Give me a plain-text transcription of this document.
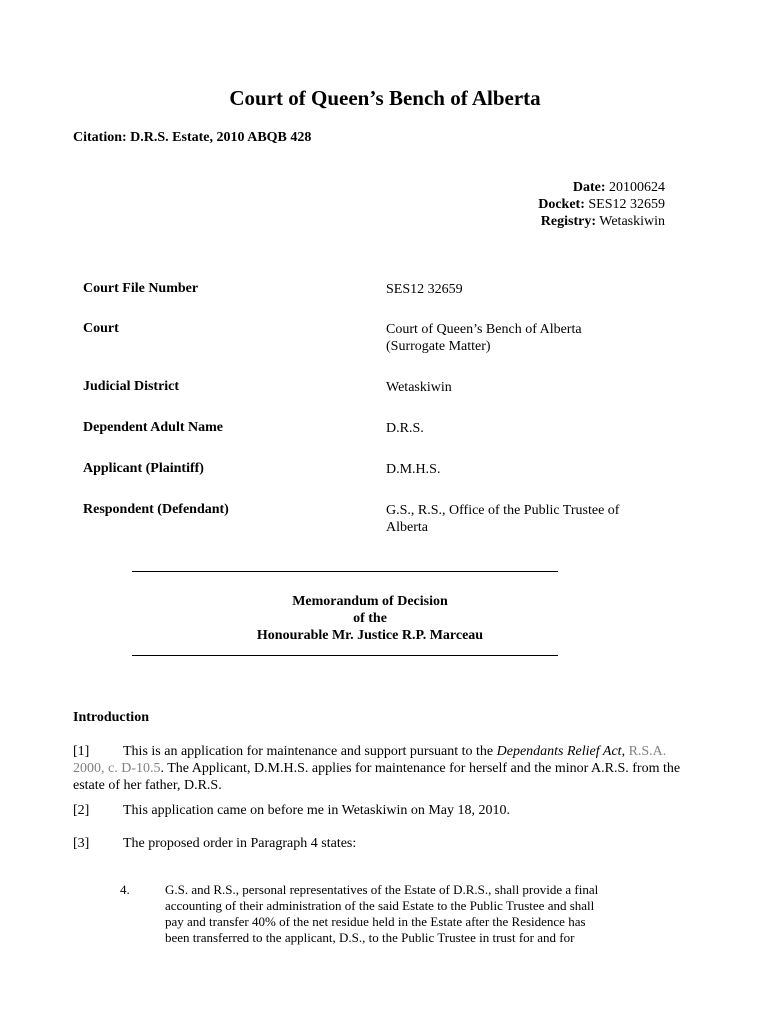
Court of Queen’s Bench of Alberta
Citation: D.R.S. Estate, 2010 ABQB 428
Date: 20100624
Docket: SES12 32659
Registry: Wetaskiwin
Court File Number	SES12 32659
Court	Court of Queen’s Bench of Alberta
(Surrogate Matter)
Judicial District	Wetaskiwin
Dependent Adult Name	D.R.S.
Applicant (Plaintiff)	D.M.H.S.
Respondent (Defendant)	G.S., R.S., Office of the Public Trustee of
Alberta
Memorandum of Decision
of the
Honourable Mr. Justice R.P. Marceau
Introduction
[1] This is an application for maintenance and support pursuant to the Dependants Relief Act, R.S.A.
2000, c. D-10.5. The Applicant, D.M.H.S. applies for maintenance for herself and the minor A.R.S. from the
estate of her father, D.R.S.
[2] This application came on before me in Wetaskiwin on May 18, 2010.
[3] The proposed order in Paragraph 4 states:
4.	G.S. and R.S., personal representatives of the Estate of D.R.S., shall provide a final
accounting of their administration of the said Estate to the Public Trustee and shall
pay and transfer 40% of the net residue held in the Estate after the Residence has
been transferred to the applicant, D.S., to the Public Trustee in trust for and for
